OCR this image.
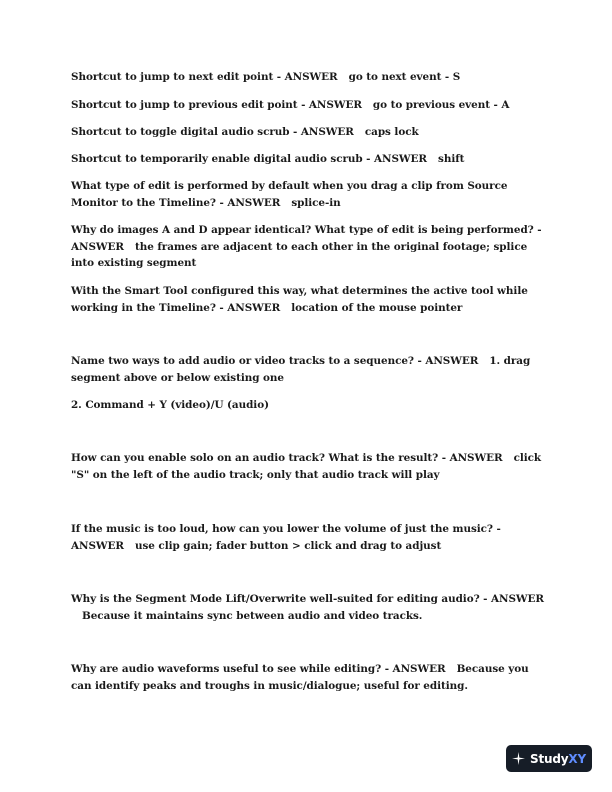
Shortcut to jump to next edit point - ANSWER go to next event - S

Shortcut to jump to previous edit point - ANSWER go to previous event - A

Shortcut to toggle digital audio scrub - ANSWER caps lock

Shortcut to temporarily enable digital audio scrub - ANSWER shift

What type of edit is performed by default when you drag a clip from Source Monitor to the Timeline? - ANSWER splice-in

Why do images A and D appear identical? What type of edit is being performed? - ANSWER the frames are adjacent to each other in the original footage; splice into existing segment

With the Smart Tool configured this way, what determines the active tool while working in the Timeline? - ANSWER location of the mouse pointer

Name two ways to add audio or video tracks to a sequence? - ANSWER 1. drag segment above or below existing one

2. Command + Y (video)/U (audio)

How can you enable solo on an audio track? What is the result? - ANSWER click "S" on the left of the audio track; only that audio track will play

If the music is too loud, how can you lower the volume of just the music? - ANSWER use clip gain; fader button > click and drag to adjust

Why is the Segment Mode Lift/Overwrite well-suited for editing audio? - ANSWERBecause it maintains sync between audio and video tracks.

Why are audio waveforms useful to see while editing? - ANSWER Because you can identify peaks and troughs in music/dialogue; useful for editing.

StudyXY
